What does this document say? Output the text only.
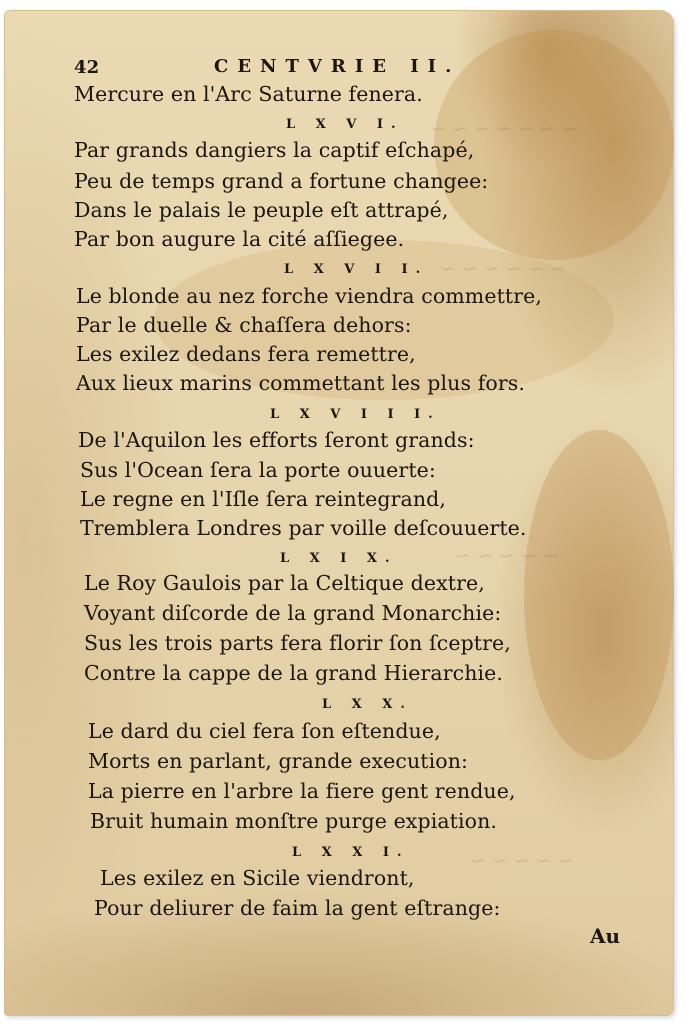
~ ~ ~ ~ ~ ~ ~
~ ~ ~ ~ ~ ~
~ ~ ~ ~ ~
~ ~ ~ ~ ~
42	CENTVRIE II.
Mercure en l'Arc Saturne fenera.
L X V I.
Par grands dangiers la captif eſchapé,
Peu de temps grand a fortune changee:
Dans le palais le peuple eſt attrapé,
Par bon augure la cité aſſiegee.
L X V I I.
Le blonde au nez forche viendra commettre,
Par le duelle & chaſſera dehors:
Les exilez dedans fera remettre,
Aux lieux marins commettant les plus fors.
L X V I I I.
De l'Aquilon les efforts ſeront grands:
Sus l'Ocean ſera la porte ouuerte:
Le regne en l'Iſle ſera reintegrand,
Tremblera Londres par voille deſcouuerte.
L X I X.
Le Roy Gaulois par la Celtique dextre,
Voyant diſcorde de la grand Monarchie:
Sus les trois parts fera florir ſon ſceptre,
Contre la cappe de la grand Hierarchie.
L X X.
Le dard du ciel fera ſon eſtendue,
Morts en parlant, grande execution:
La pierre en l'arbre la fiere gent rendue,
Bruit humain monſtre purge expiation.
L X X I.
Les exilez en Sicile viendront,
Pour deliurer de faim la gent eſtrange:
Au
